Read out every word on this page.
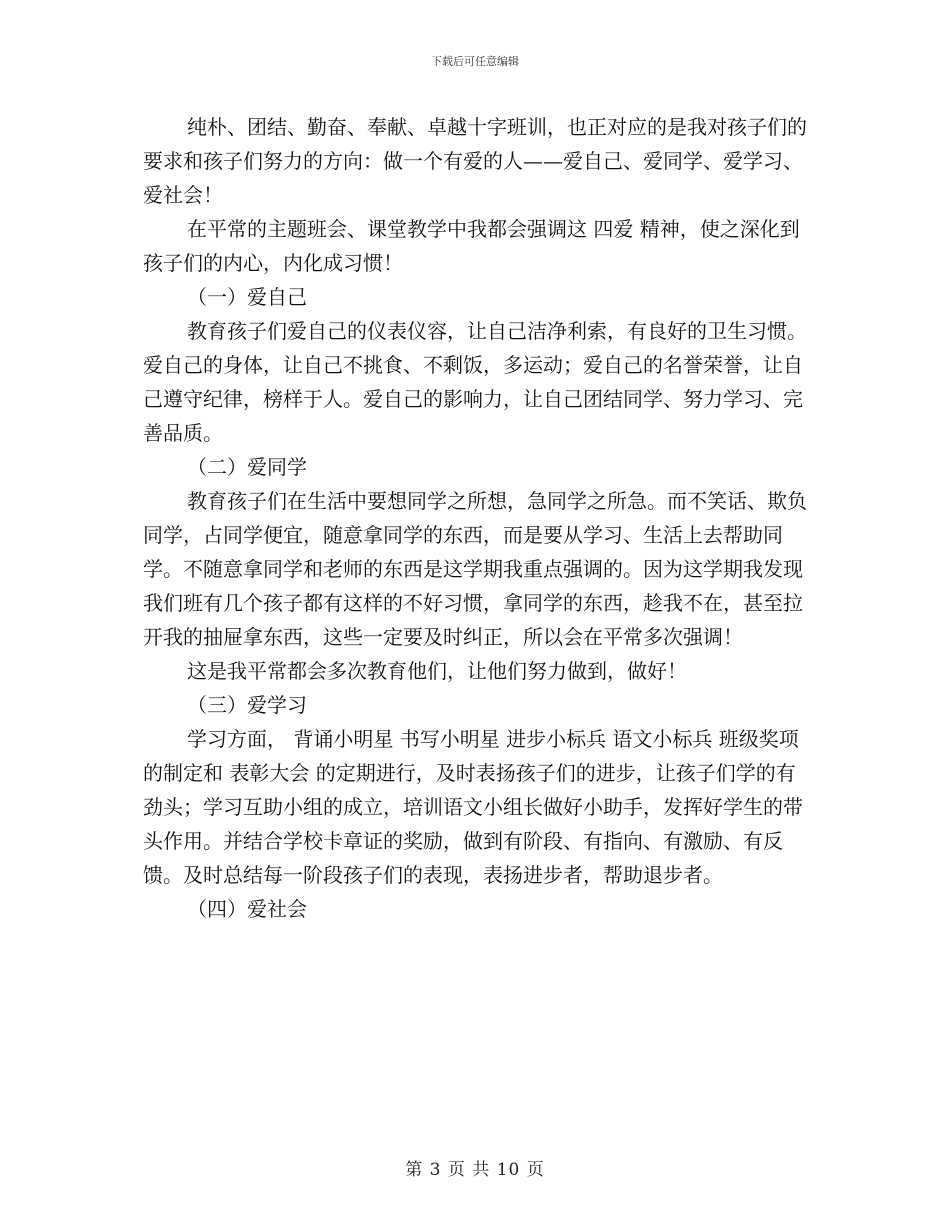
下载后可任意编辑

纯朴、团结、勤奋、奉献、卓越十字班训，也正对应的是我对孩子们的要求和孩子们努力的方向：做一个有爱的人——爱自己、爱同学、爱学习、爱社会！

在平常的主题班会、课堂教学中我都会强调这 四爱 精神，使之深化到孩子们的内心，内化成习惯！

（一）爱自己

教育孩子们爱自己的仪表仪容，让自己洁净利索，有良好的卫生习惯。爱自己的身体，让自己不挑食、不剩饭，多运动；爱自己的名誉荣誉，让自己遵守纪律，榜样于人。爱自己的影响力，让自己团结同学、努力学习、完善品质。

（二）爱同学

教育孩子们在生活中要想同学之所想，急同学之所急。而不笑话、欺负同学，占同学便宜，随意拿同学的东西，而是要从学习、生活上去帮助同学。不随意拿同学和老师的东西是这学期我重点强调的。因为这学期我发现我们班有几个孩子都有这样的不好习惯，拿同学的东西，趁我不在，甚至拉开我的抽屉拿东西，这些一定要及时纠正，所以会在平常多次强调！

这是我平常都会多次教育他们，让他们努力做到，做好！

（三）爱学习

学习方面， 背诵小明星 书写小明星 进步小标兵 语文小标兵 班级奖项的制定和 表彰大会 的定期进行，及时表扬孩子们的进步，让孩子们学的有劲头；学习互助小组的成立，培训语文小组长做好小助手，发挥好学生的带头作用。并结合学校卡章证的奖励，做到有阶段、有指向、有激励、有反馈。及时总结每一阶段孩子们的表现，表扬进步者，帮助退步者。

（四）爱社会

第 3 页 共 10 页
